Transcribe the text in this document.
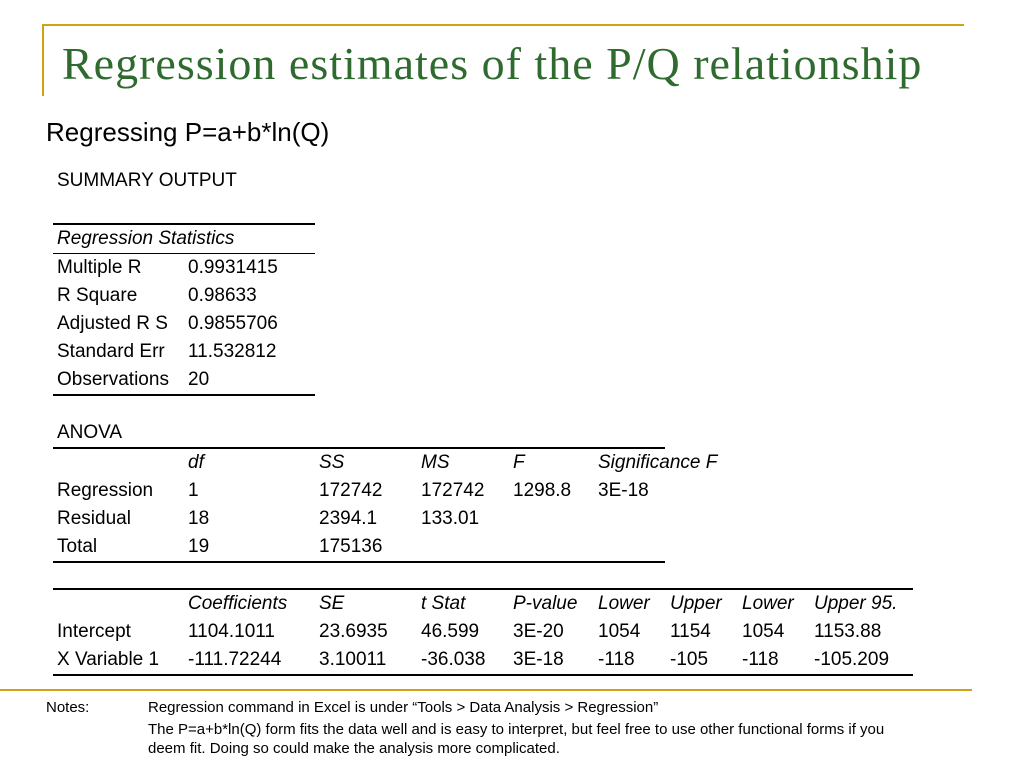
Regression estimates of the P/Q relationship
Regressing P=a+b*ln(Q)
SUMMARY OUTPUT
Regression Statistics	
Multiple R	0.9931415
R Square	0.98633
Adjusted R S	0.9855706
Standard Err	11.532812
Observations	20
ANOVA
	df	SS	MS	F	Significance F
Regression	1	172742	172742	1298.8	3E-18
Residual	18	2394.1	133.01		
Total	19	175136			
	Coefficients	SE	t Stat	P-value	Lower	Upper	Lower	Upper 95.
Intercept	1104.1011	23.6935	46.599	3E-20	1054	1154	1054	1153.88
X Variable 1	-111.72244	3.10011	-36.038	3E-18	-118	-105	-118	-105.209
Notes:	Regression command in Excel is under “Tools > Data Analysis > Regression”
The P=a+b*ln(Q) form fits the data well and is easy to interpret, but feel free to use other functional forms if you deem fit. Doing so could make the analysis more complicated.
